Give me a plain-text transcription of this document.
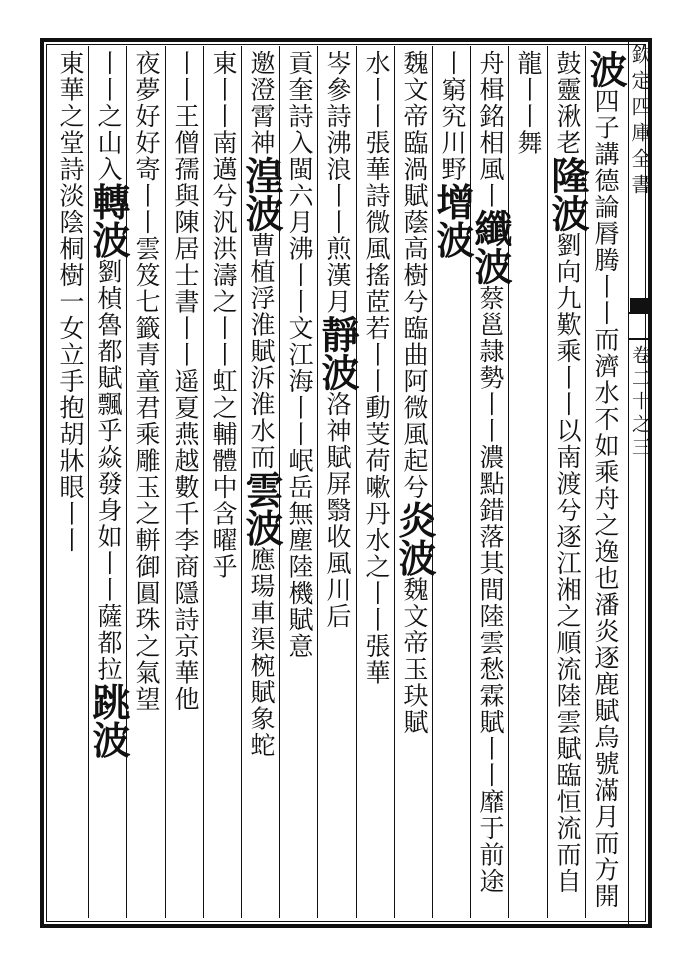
欽定四庫全書
卷二十之三
波四子講德論脣腾丨丨而濟水不如乘舟之逸也潘炎逐鹿賦烏號滿月而方開
鼓靈湫老隆波劉向九歎乘丨丨以南渡兮逐江湘之順流陸雲賦臨恒流而自
龍丨丨舞
舟楫銘相風丨纖波蔡邕隷勢丨丨濃點錯落其間陸雲愁霖賦丨丨靡于前途
丨窮究川野增波
魏文帝臨渦賦蔭高樹兮臨曲阿微風起兮炎波魏文帝玉玦賦
水丨丨張華詩微風搖茝若丨丨動芰荷嗽丹水之丨丨張華
岑參詩沸浪丨丨煎漢月靜波洛神賦屏翳收風川后
貢奎詩入閩六月沸丨丨文江海丨丨岷岳無塵陸機賦意
邀澄霄神湟波曹植浮淮賦泝淮水而雲波應瑒車渠椀賦象蛇
東丨丨南邁兮汎洪濤之丨丨虹之輔體中含曜乎
丨丨王僧孺與陳居士書丨丨遥夏燕越數千李商隱詩京華他
夜夢好好寄丨丨雲笈七籤青童君乘雕玉之軿御圓珠之氣望
丨丨之山入轉波劉楨魯都賦飄乎焱發身如丨丨薩都拉跳波
東華之堂詩淡陰桐樹一女立手抱胡牀眼丨丨
